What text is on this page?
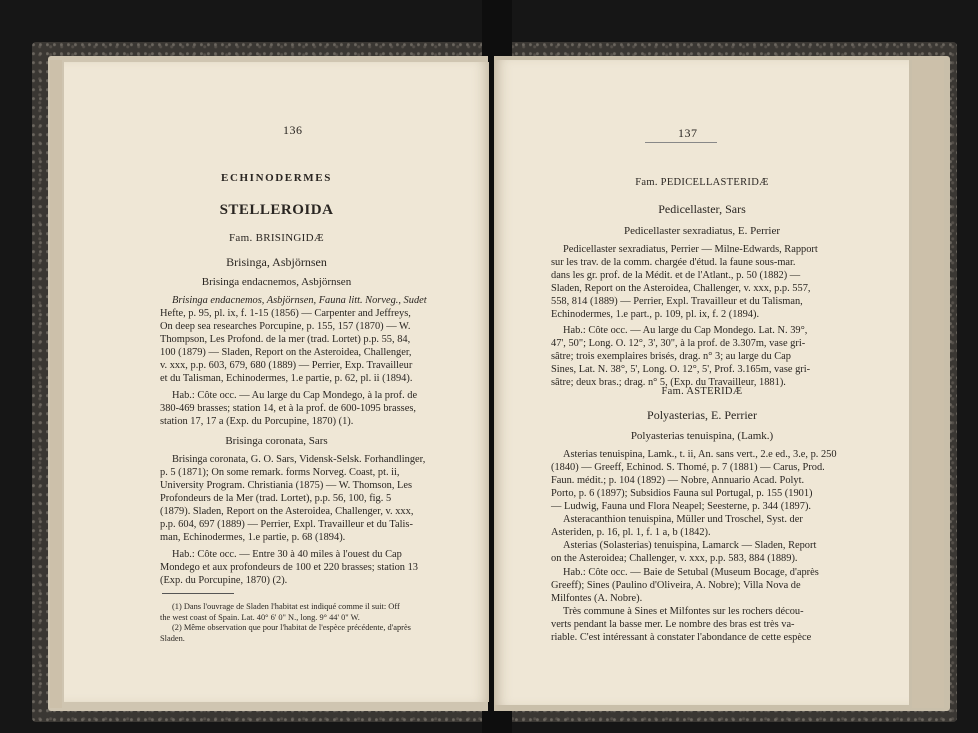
136
ECHINODERMES
STELLEROIDA
Fam. BRISINGIDÆ
Brisinga, Asbjörnsen
Brisinga endacnemos, Asbjörnsen
Brisinga endacnemos, Asbjörnsen, Fauna litt. Norveg., Sudet
Hefte, p. 95, pl. ix, f. 1-15 (1856) — Carpenter and Jeffreys,
On deep sea researches Porcupine, p. 155, 157 (1870) — W.
Thompson, Les Profond. de la mer (trad. Lortet) p.p. 55, 84,
100 (1879) — Sladen, Report on the Asteroidea, Challenger,
v. xxx, p.p. 603, 679, 680 (1889) — Perrier, Exp. Travailleur
et du Talisman, Echinodermes, 1.e partie, p. 62, pl. ii (1894).
Hab.: Côte occ. — Au large du Cap Mondego, à la prof. de
380-469 brasses; station 14, et à la prof. de 600-1095 brasses,
station 17, 17 a (Exp. du Porcupine, 1870) (1).
Brisinga coronata, Sars
Brisinga coronata, G. O. Sars, Vidensk-Selsk. Forhandlinger,
p. 5 (1871); On some remark. forms Norveg. Coast, pt. ii,
University Program. Christiania (1875) — W. Thomson, Les
Profondeurs de la Mer (trad. Lortet), p.p. 56, 100, fig. 5
(1879). Sladen, Report on the Asteroidea, Challenger, v. xxx,
p.p. 604, 697 (1889) — Perrier, Expl. Travailleur et du Talis-
man, Echinodermes, 1.e partie, p. 68 (1894).
Hab.: Côte occ. — Entre 30 à 40 miles à l'ouest du Cap
Mondego et aux profondeurs de 100 et 220 brasses; station 13
(Exp. du Porcupine, 1870) (2).
(1) Dans l'ouvrage de Sladen l'habitat est indiqué comme il suit: Off
the west coast of Spain. Lat. 40° 6' 0" N., long. 9° 44' 0" W.
(2) Même observation que pour l'habitat de l'espèce précédente, d'après
Sladen.
137
Fam. PEDICELLASTERIDÆ
Pedicellaster, Sars
Pedicellaster sexradiatus, E. Perrier
Pedicellaster sexradiatus, Perrier — Milne-Edwards, Rapport
sur les trav. de la comm. chargée d'étud. la faune sous-mar.
dans les gr. prof. de la Médit. et de l'Atlant., p. 50 (1882) —
Sladen, Report on the Asteroidea, Challenger, v. xxx, p.p. 557,
558, 814 (1889) — Perrier, Expl. Travailleur et du Talisman,
Echinodermes, 1.e part., p. 109, pl. ix, f. 2 (1894).
Hab.: Côte occ. — Au large du Cap Mondego. Lat. N. 39°,
47', 50"; Long. O. 12°, 3', 30", à la prof. de 3.307m, vase gri-
sâtre; trois exemplaires brisés, drag. n° 3; au large du Cap
Sines, Lat. N. 38°, 5', Long. O. 12°, 5', Prof. 3.165m, vase gri-
sâtre; deux bras.; drag. n° 5, (Exp. du Travailleur, 1881).
Fam. ASTERIDÆ
Polyasterias, E. Perrier
Polyasterias tenuispina, (Lamk.)
Asterias tenuispina, Lamk., t. ii, An. sans vert., 2.e ed., 3.e, p. 250
(1840) — Greeff, Echinod. S. Thomé, p. 7 (1881) — Carus, Prod.
Faun. médit.; p. 104 (1892) — Nobre, Annuario Acad. Polyt.
Porto, p. 6 (1897); Subsidios Fauna sul Portugal, p. 155 (1901)
— Ludwig, Fauna und Flora Neapel; Seesterne, p. 344 (1897).
Asteracanthion tenuispina, Müller und Troschel, Syst. der
Asteriden, p. 16, pl. 1, f. 1 a, b (1842).
Asterias (Solasterias) tenuispina, Lamarck — Sladen, Report
on the Asteroidea; Challenger, v. xxx, p.p. 583, 884 (1889).
Hab.: Côte occ. — Baie de Setubal (Museum Bocage, d'après
Greeff); Sines (Paulino d'Oliveira, A. Nobre); Villa Nova de
Milfontes (A. Nobre).
Très commune à Sines et Milfontes sur les rochers décou-
verts pendant la basse mer. Le nombre des bras est très va-
riable. C'est intéressant à constater l'abondance de cette espèce
